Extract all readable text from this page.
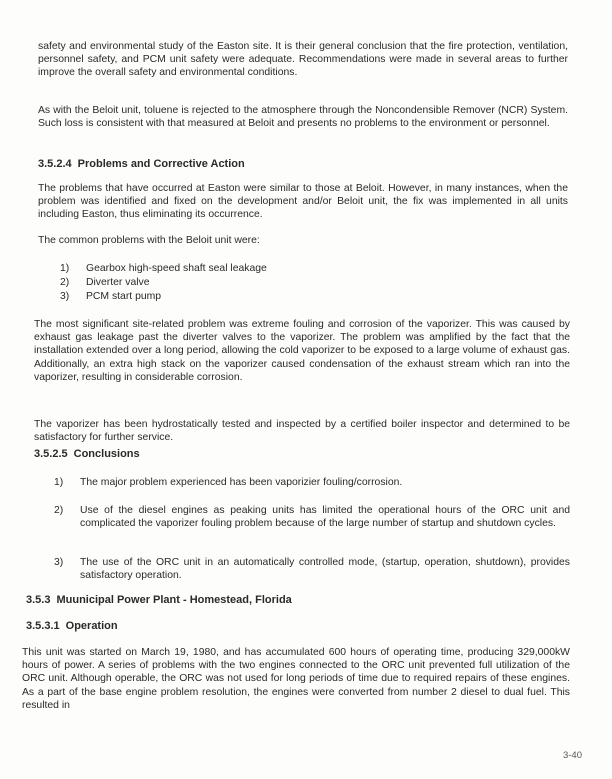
safety and environmental study of the Easton site. It is their general conclusion that the fire protection, ventilation, personnel safety, and PCM unit safety were adequate. Recommendations were made in several areas to further improve the overall safety and environmental conditions.

As with the Beloit unit, toluene is rejected to the atmosphere through the Noncondensible Remover (NCR) System. Such loss is consistent with that measured at Beloit and presents no problems to the environment or personnel.

3.5.2.4 Problems and Corrective Action

The problems that have occurred at Easton were similar to those at Beloit. However, in many instances, when the problem was identified and fixed on the development and/or Beloit unit, the fix was implemented in all units including Easton, thus eliminating its occurrence.

The common problems with the Beloit unit were:

1)	Gearbox high-speed shaft seal leakage
2)	Diverter valve
3)	PCM start pump

The most significant site-related problem was extreme fouling and corrosion of the vaporizer. This was caused by exhaust gas leakage past the diverter valves to the vaporizer. The problem was amplified by the fact that the installation extended over a long period, allowing the cold vaporizer to be exposed to a large volume of exhaust gas. Additionally, an extra high stack on the vaporizer caused condensation of the exhaust stream which ran into the vaporizer, resulting in considerable corrosion.

The vaporizer has been hydrostatically tested and inspected by a certified boiler inspector and determined to be satisfactory for further service.

3.5.2.5 Conclusions
1)	The major problem experienced has been vaporizier fouling/corrosion.
2)	Use of the diesel engines as peaking units has limited the operational hours of the ORC unit and complicated the vaporizer fouling problem because of the large number of startup and shutdown cycles.
3)	The use of the ORC unit in an automatically controlled mode, (startup, operation, shutdown), provides satisfactory operation.
3.5.3 Muunicipal Power Plant - Homestead, Florida
3.5.3.1 Operation

This unit was started on March 19, 1980, and has accumulated 600 hours of operating time, producing 329,000kW hours of power. A series of problems with the two engines connected to the ORC unit prevented full utilization of the ORC unit. Although operable, the ORC was not used for long periods of time due to required repairs of these engines. As a part of the base engine problem resolution, the engines were converted from number 2 diesel to dual fuel. This resulted in

3-40
